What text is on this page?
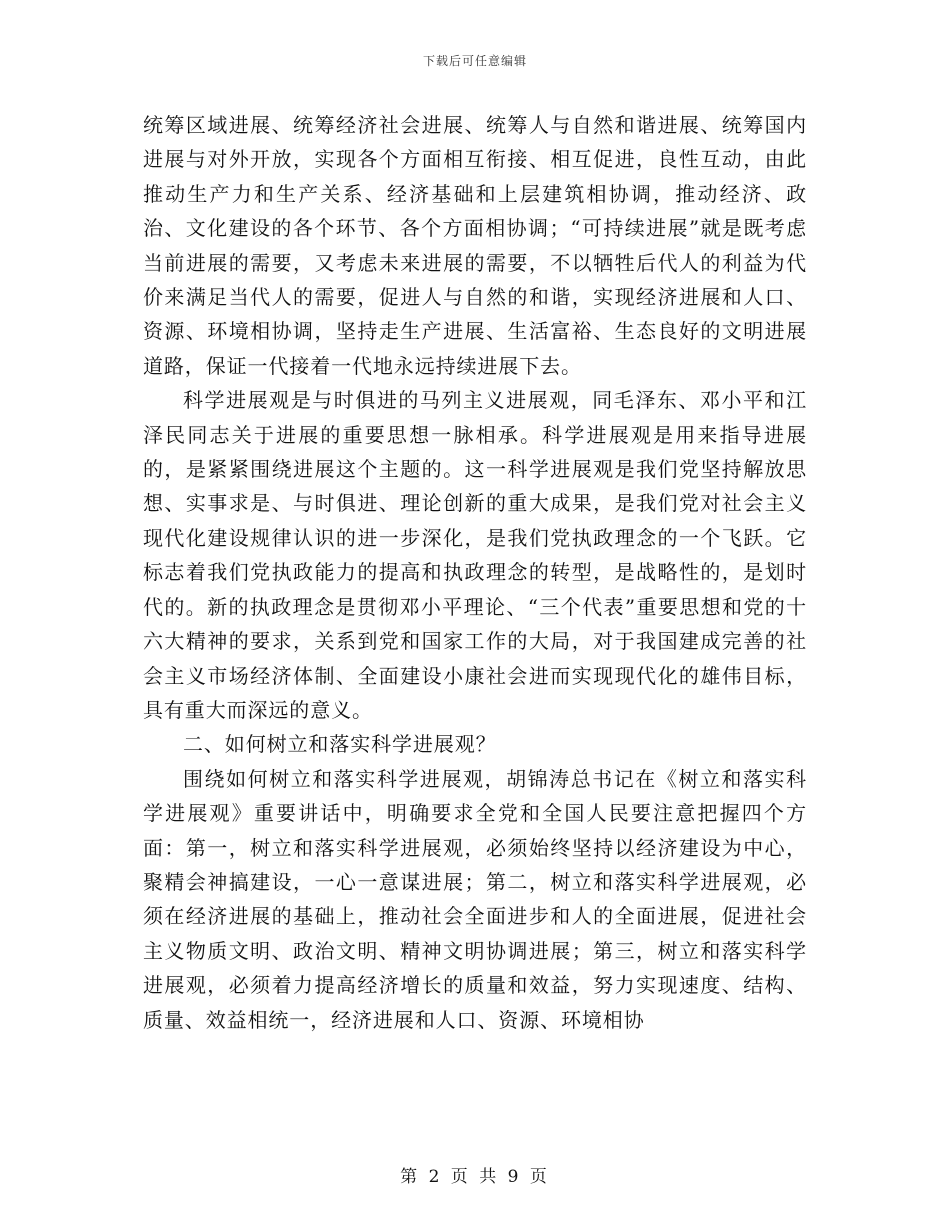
下载后可任意编辑

统筹区域进展、统筹经济社会进展、统筹人与自然和谐进展、统筹国内进展与对外开放，实现各个方面相互衔接、相互促进，良性互动，由此推动生产力和生产关系、经济基础和上层建筑相协调，推动经济、政治、文化建设的各个环节、各个方面相协调；“可持续进展”就是既考虑当前进展的需要，又考虑未来进展的需要，不以牺牲后代人的利益为代价来满足当代人的需要，促进人与自然的和谐，实现经济进展和人口、资源、环境相协调，坚持走生产进展、生活富裕、生态良好的文明进展道路，保证一代接着一代地永远持续进展下去。

科学进展观是与时俱进的马列主义进展观，同毛泽东、邓小平和江泽民同志关于进展的重要思想一脉相承。科学进展观是用来指导进展的，是紧紧围绕进展这个主题的。这一科学进展观是我们党坚持解放思想、实事求是、与时俱进、理论创新的重大成果，是我们党对社会主义现代化建设规律认识的进一步深化，是我们党执政理念的一个飞跃。它标志着我们党执政能力的提高和执政理念的转型，是战略性的，是划时代的。新的执政理念是贯彻邓小平理论、“三个代表”重要思想和党的十六大精神的要求，关系到党和国家工作的大局，对于我国建成完善的社会主义市场经济体制、全面建设小康社会进而实现现代化的雄伟目标，具有重大而深远的意义。

二、如何树立和落实科学进展观？

围绕如何树立和落实科学进展观，胡锦涛总书记在《树立和落实科学进展观》重要讲话中，明确要求全党和全国人民要注意把握四个方面：第一，树立和落实科学进展观，必须始终坚持以经济建设为中心，聚精会神搞建设，一心一意谋进展；第二，树立和落实科学进展观，必须在经济进展的基础上，推动社会全面进步和人的全面进展，促进社会主义物质文明、政治文明、精神文明协调进展；第三，树立和落实科学进展观，必须着力提高经济增长的质量和效益，努力实现速度、结构、质量、效益相统一，经济进展和人口、资源、环境相协

第 2 页 共 9 页
